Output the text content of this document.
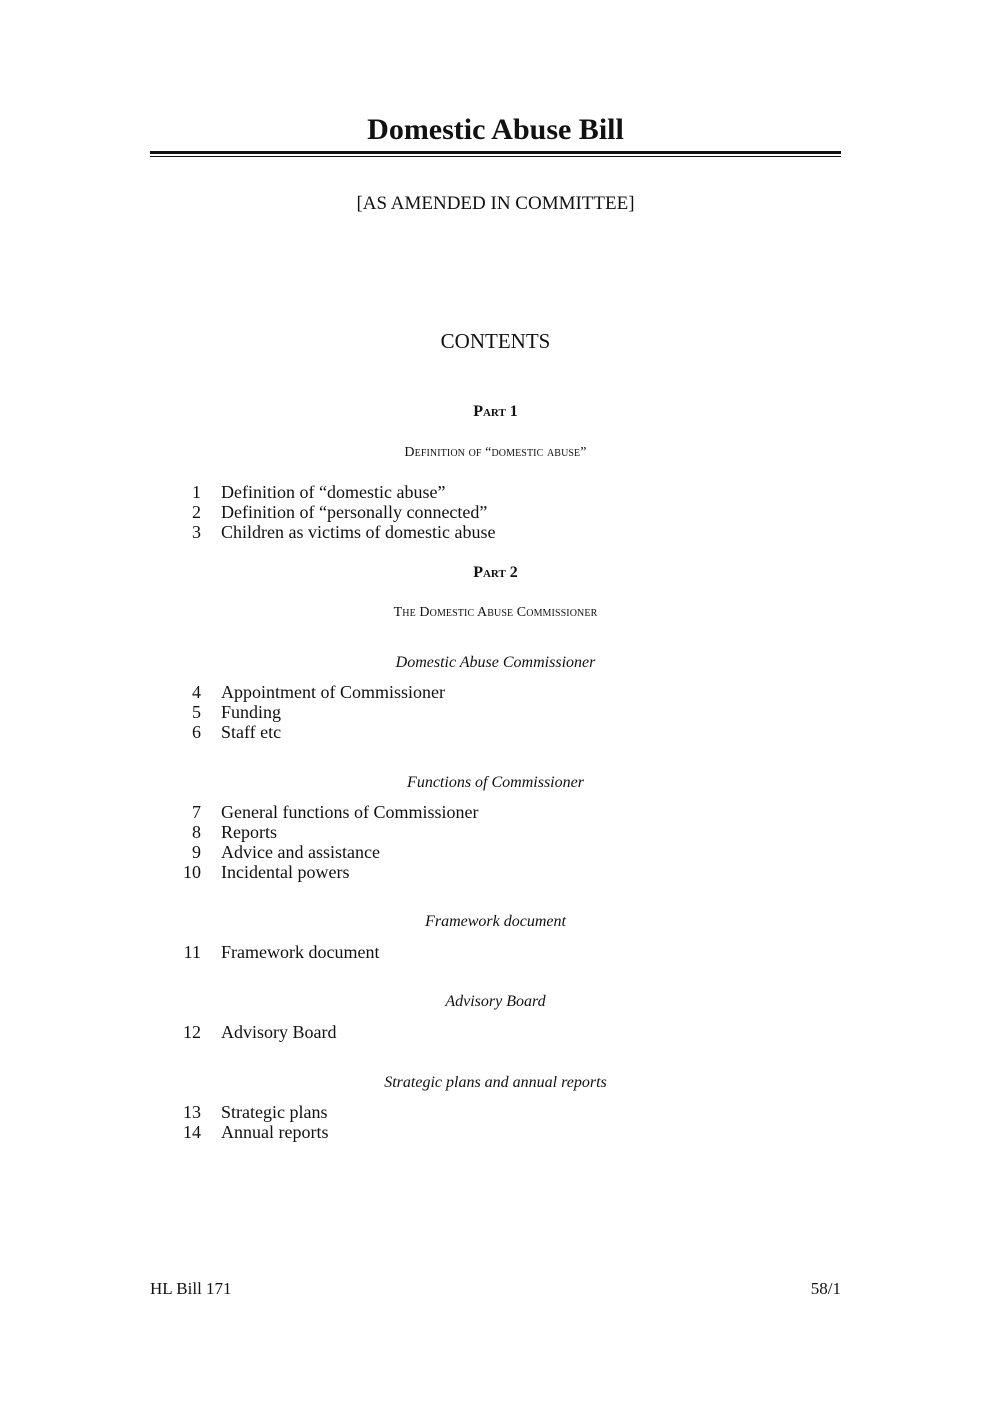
Domestic Abuse Bill
[AS AMENDED IN COMMITTEE]
CONTENTS
Part 1
Definition of “domestic abuse”
1 Definition of “domestic abuse”
2 Definition of “personally connected”
3 Children as victims of domestic abuse
Part 2
The Domestic Abuse Commissioner
Domestic Abuse Commissioner
4 Appointment of Commissioner
5 Funding
6 Staff etc
Functions of Commissioner
7 General functions of Commissioner
8 Reports
9 Advice and assistance
10 Incidental powers
Framework document
11 Framework document
Advisory Board
12 Advisory Board
Strategic plans and annual reports
13 Strategic plans
14 Annual reports
HL Bill 171	58/1
